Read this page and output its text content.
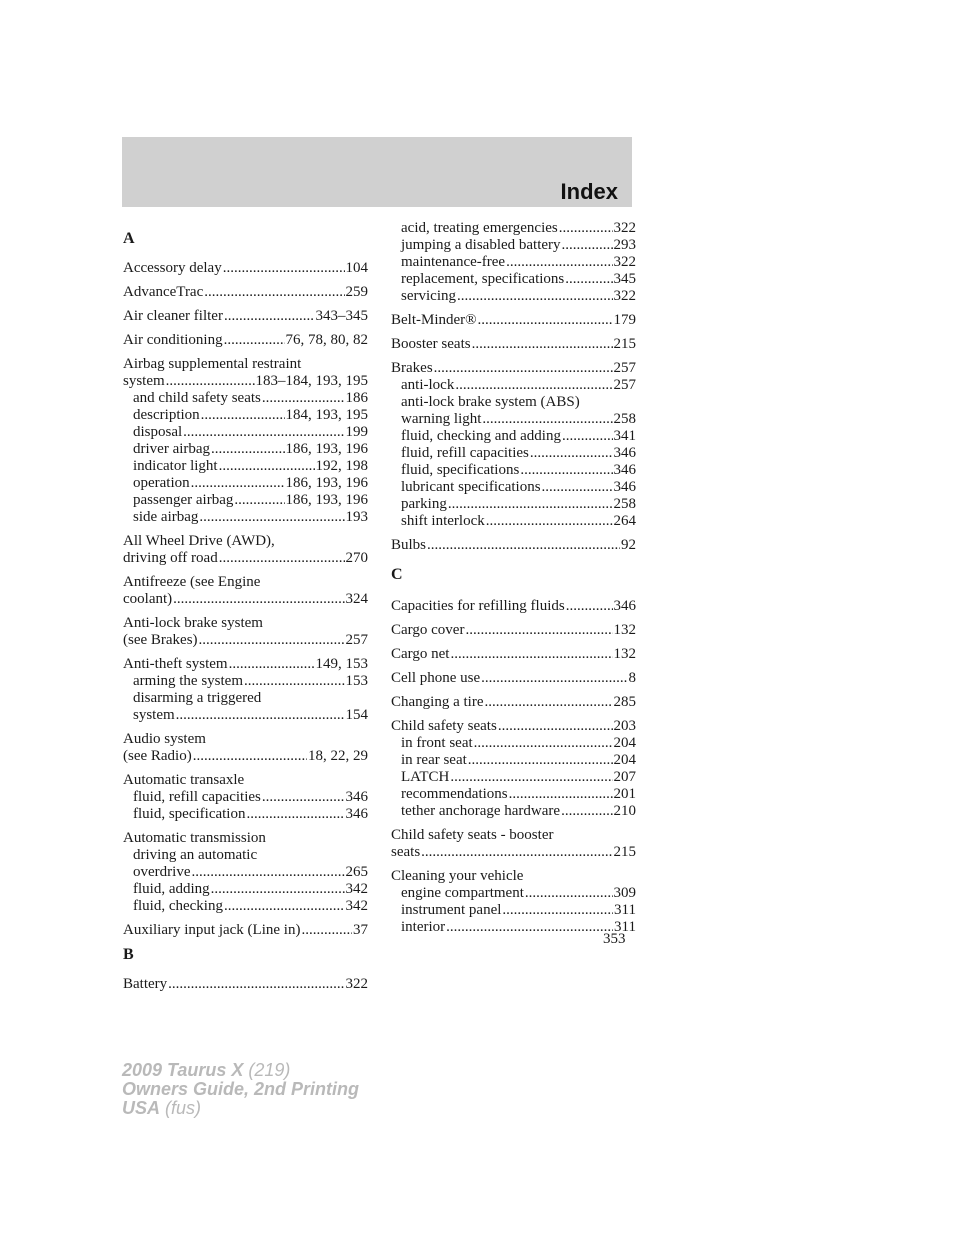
Index
A
Accessory delay .....	104
AdvanceTrac .....	259
Air cleaner filter .....	343–345
Air conditioning .....	76, 78, 80, 82
Airbag supplemental restraint
system .....	183–184, 193, 195
and child safety seats .....	186
description .....	184, 193, 195
disposal .....	199
driver airbag .....	186, 193, 196
indicator light .....	192, 198
operation .....	186, 193, 196
passenger airbag .....	186, 193, 196
side airbag .....	193
All Wheel Drive (AWD),
driving off road .....	270
Antifreeze (see Engine
coolant) .....	324
Anti-lock brake system
(see Brakes) .....	257
Anti-theft system .....	149, 153
arming the system .....	153
disarming a triggered
system .....	154
Audio system
(see Radio) .....	18, 22, 29
Automatic transaxle
fluid, refill capacities .....	346
fluid, specification .....	346
Automatic transmission
driving an automatic
overdrive .....	265
fluid, adding .....	342
fluid, checking .....	342
Auxiliary input jack (Line in) .....	37
B
Battery .....	322
acid, treating emergencies .....	322
jumping a disabled battery .....	293
maintenance-free .....	322
replacement, specifications .....	345
servicing .....	322
Belt-Minder® .....	179
Booster seats .....	215
Brakes .....	257
anti-lock .....	257
anti-lock brake system (ABS)
warning light .....	258
fluid, checking and adding .....	341
fluid, refill capacities .....	346
fluid, specifications .....	346
lubricant specifications .....	346
parking .....	258
shift interlock .....	264
Bulbs .....	92
C
Capacities for refilling fluids .....	346
Cargo cover .....	132
Cargo net .....	132
Cell phone use .....	8
Changing a tire .....	285
Child safety seats .....	203
in front seat .....	204
in rear seat .....	204
LATCH .....	207
recommendations .....	201
tether anchorage hardware .....	210
Child safety seats - booster
seats .....	215
Cleaning your vehicle
engine compartment .....	309
instrument panel .....	311
interior .....	311
353
2009 Taurus X (219)
Owners Guide, 2nd Printing
USA (fus)
